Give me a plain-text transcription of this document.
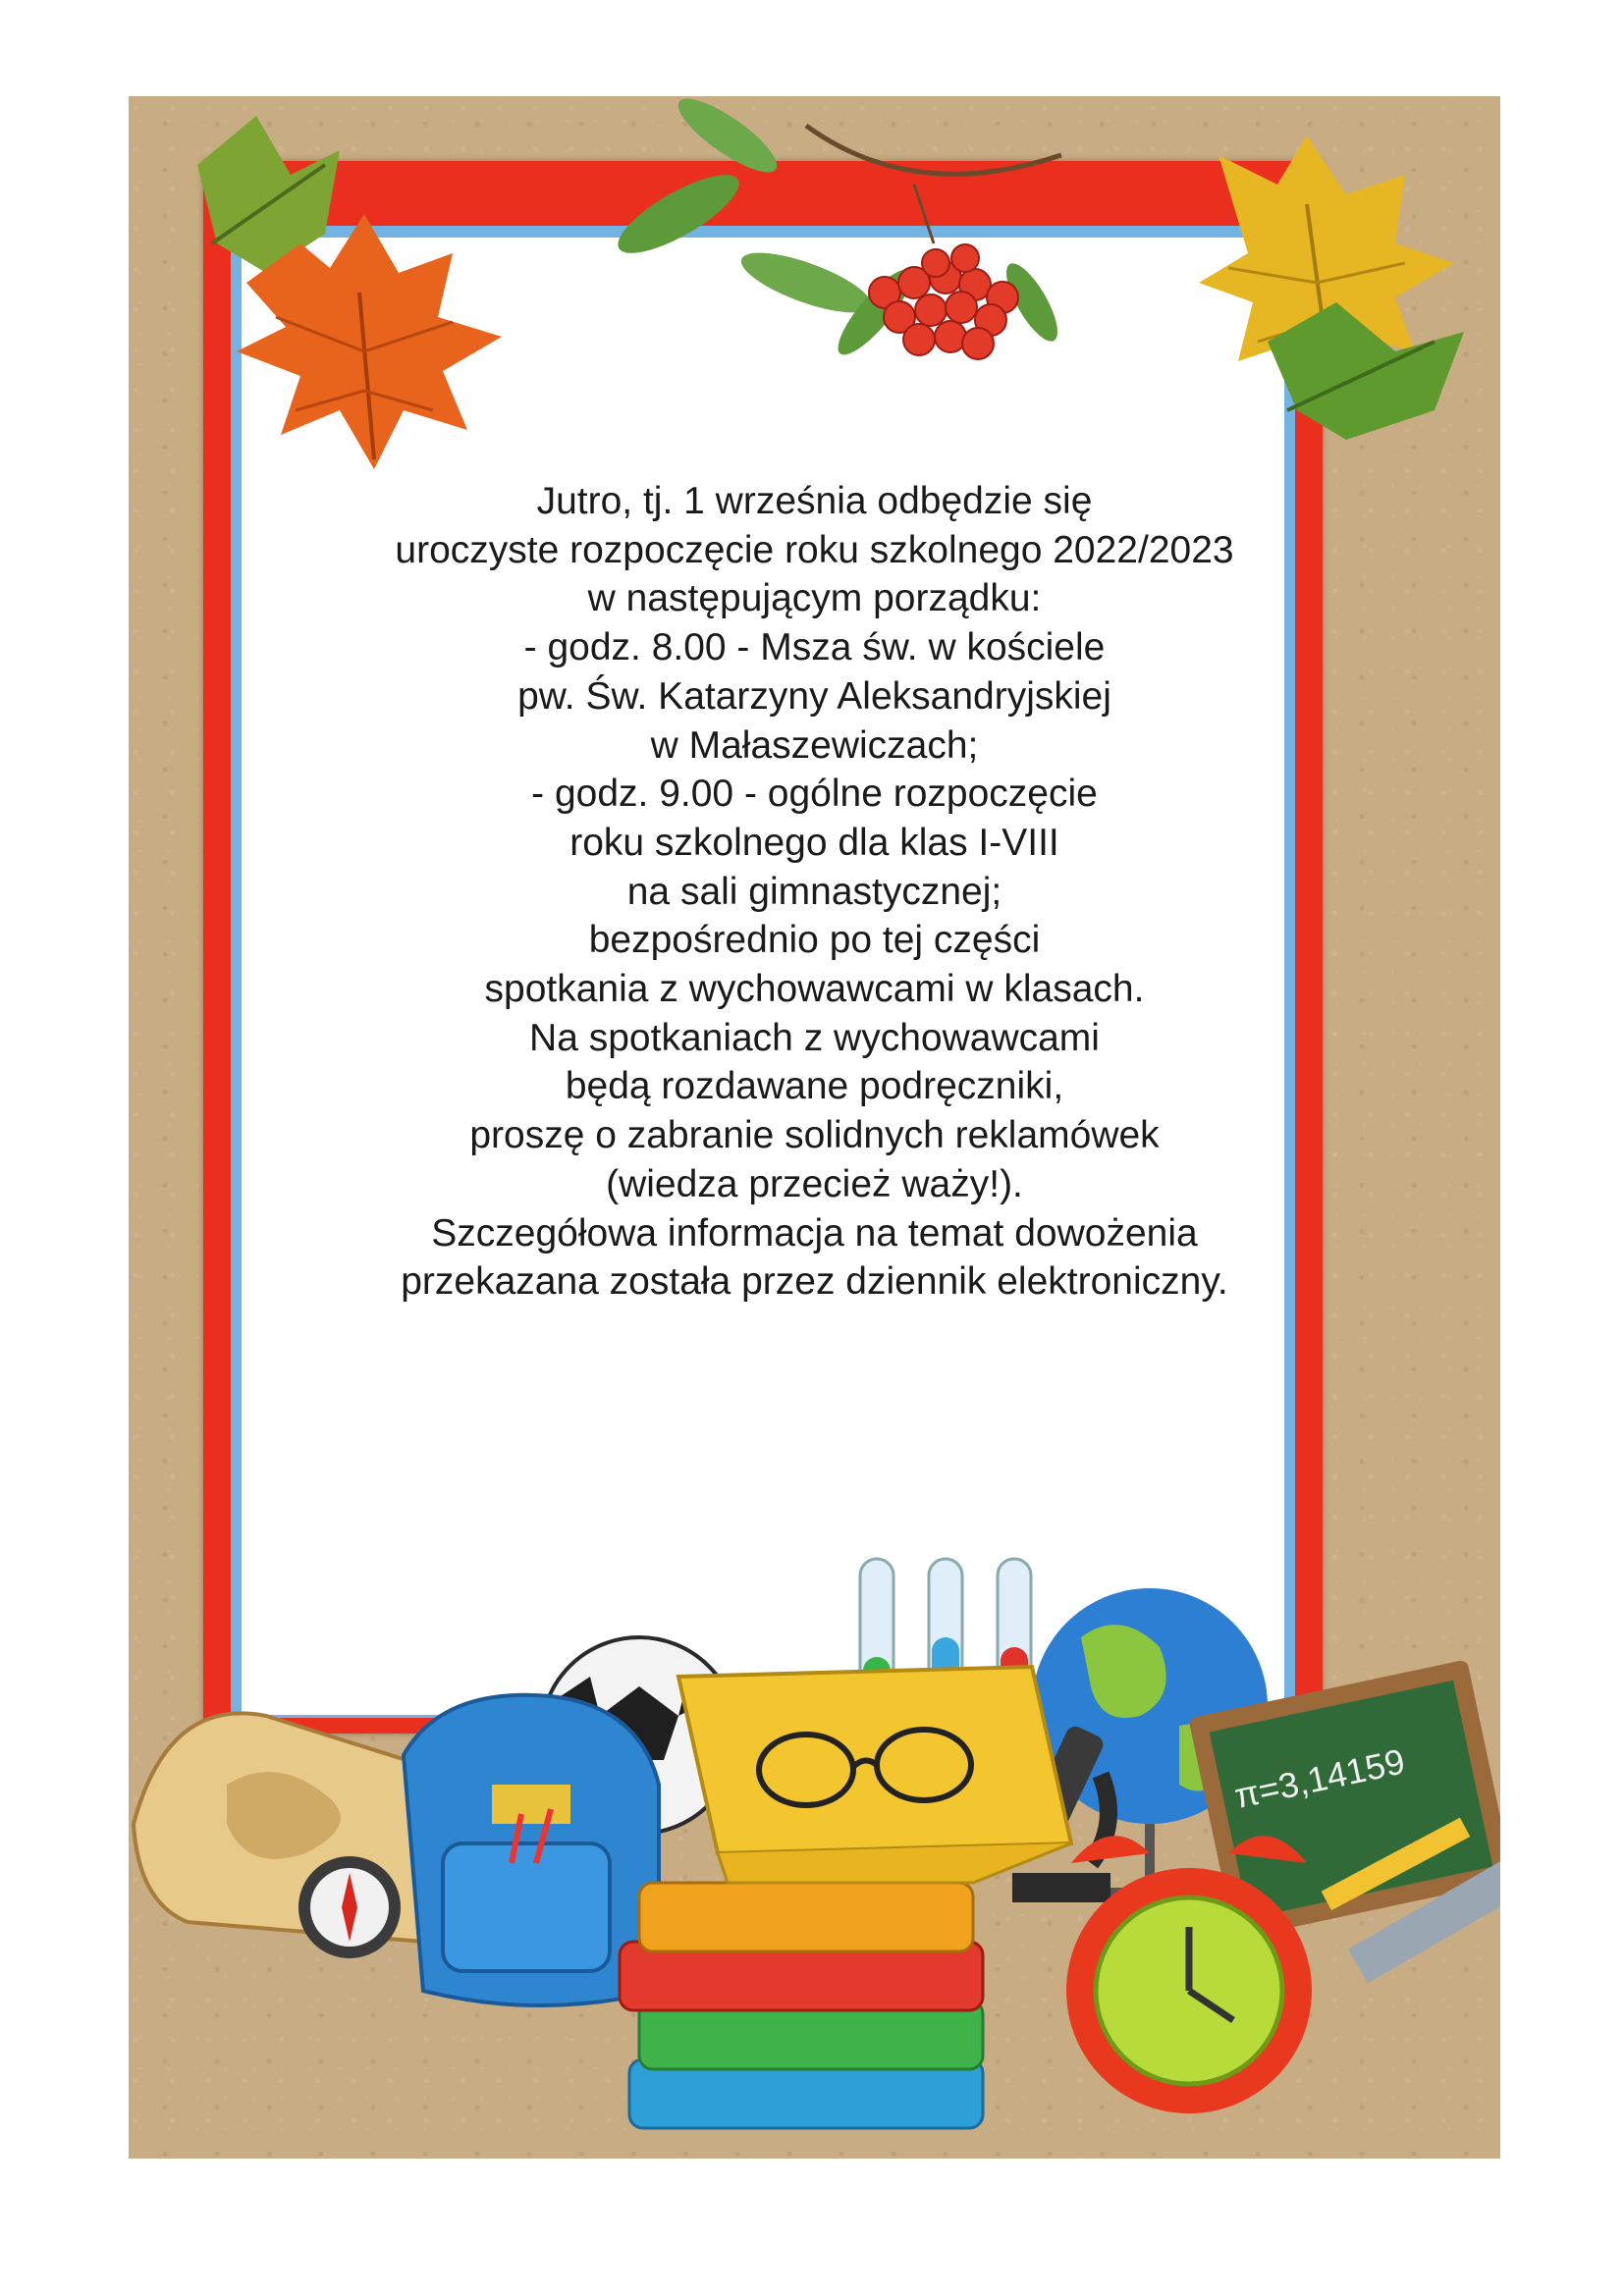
Jutro, tj. 1 września odbędzie się
uroczyste rozpoczęcie roku szkolnego 2022/2023
w następującym porządku:
- godz. 8.00 - Msza św. w kościele
pw. Św. Katarzyny Aleksandryjskiej
w Małaszewiczach;
- godz. 9.00 - ogólne rozpoczęcie
roku szkolnego dla klas I-VIII
na sali gimnastycznej;
bezpośrednio po tej części
spotkania z wychowawcami w klasach.
Na spotkaniach z wychowawcami
będą rozdawane podręczniki,
proszę o zabranie solidnych reklamówek
(wiedza przecież waży!).
Szczegółowa informacja na temat dowożenia
przekazana została przez dziennik elektroniczny.
π=3,14159
